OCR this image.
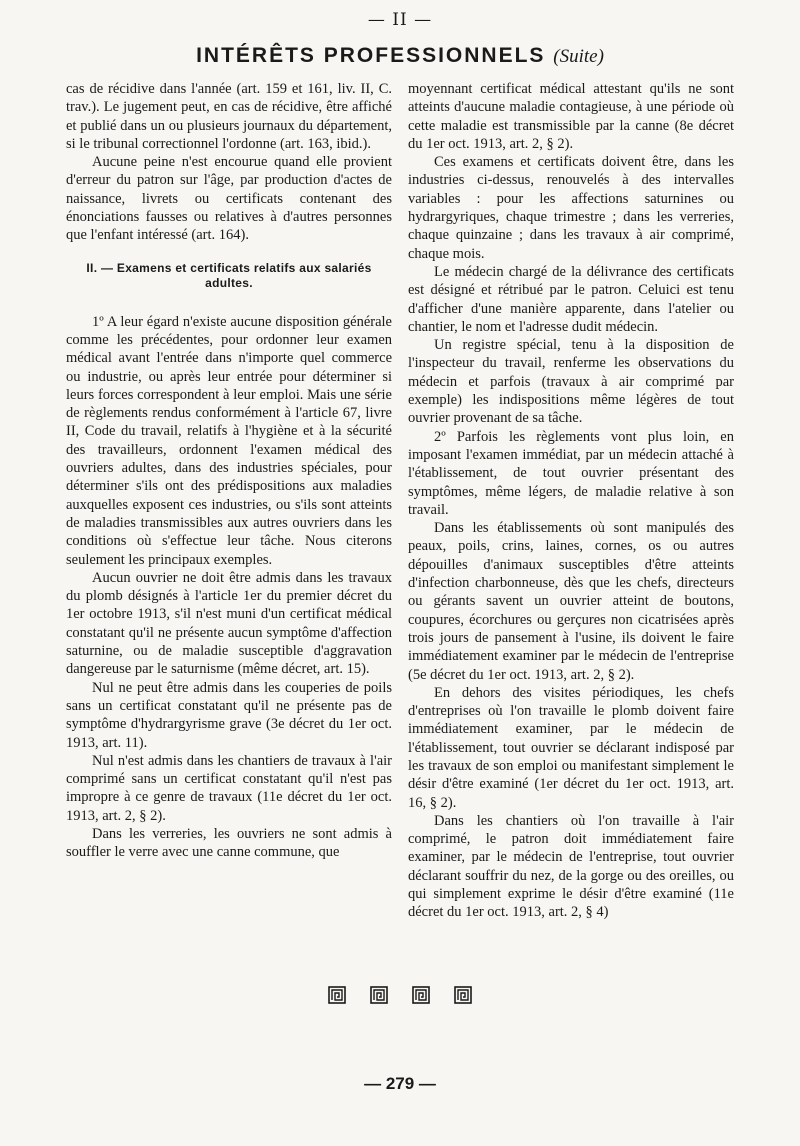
— II —
INTÉRÊTS PROFESSIONNELS (Suite)

cas de récidive dans l'année (art. 159 et 161, liv. II, C. trav.). Le jugement peut, en cas de récidive, être affiché et publié dans un ou plusieurs journaux du département, si le tribunal correctionnel l'ordonne (art. 163, ibid.).

Aucune peine n'est encourue quand elle provient d'erreur du patron sur l'âge, par production d'actes de naissance, livrets ou certificats contenant des énonciations fausses ou relatives à d'autres personnes que l'enfant intéressé (art. 164).

II. — Examens et certificats relatifs aux salariés adultes.

1º A leur égard n'existe aucune disposition générale comme les précédentes, pour ordonner leur examen médical avant l'entrée dans n'importe quel commerce ou industrie, ou après leur entrée pour déterminer si leurs forces correspondent à leur emploi. Mais une série de règlements rendus conformément à l'article 67, livre II, Code du travail, relatifs à l'hygiène et à la sécurité des travailleurs, ordonnent l'examen médical des ouvriers adultes, dans des industries spéciales, pour déterminer s'ils ont des prédispositions aux maladies auxquelles exposent ces industries, ou s'ils sont atteints de maladies transmissibles aux autres ouvriers dans les conditions où s'effectue leur tâche. Nous citerons seulement les principaux exemples.

Aucun ouvrier ne doit être admis dans les travaux du plomb désignés à l'article 1er du premier décret du 1er octobre 1913, s'il n'est muni d'un certificat médical constatant qu'il ne présente aucun symptôme d'affection saturnine, ou de maladie susceptible d'aggravation dangereuse par le saturnisme (même décret, art. 15).

Nul ne peut être admis dans les couperies de poils sans un certificat constatant qu'il ne présente pas de symptôme d'hydrargyrisme grave (3e décret du 1er oct. 1913, art. 11).

Nul n'est admis dans les chantiers de travaux à l'air comprimé sans un certificat constatant qu'il n'est pas impropre à ce genre de travaux (11e décret du 1er oct. 1913, art. 2, § 2).

Dans les verreries, les ouvriers ne sont admis à souffler le verre avec une canne commune, que

moyennant certificat médical attestant qu'ils ne sont atteints d'aucune maladie contagieuse, à une période où cette maladie est transmissible par la canne (8e décret du 1er oct. 1913, art. 2, § 2).

Ces examens et certificats doivent être, dans les industries ci-dessus, renouvelés à des intervalles variables : pour les affections saturnines ou hydrargyriques, chaque trimestre ; dans les verreries, chaque quinzaine ; dans les travaux à air comprimé, chaque mois.

Le médecin chargé de la délivrance des certificats est désigné et rétribué par le patron. Celuici est tenu d'afficher d'une manière apparente, dans l'atelier ou chantier, le nom et l'adresse dudit médecin.

Un registre spécial, tenu à la disposition de l'inspecteur du travail, renferme les observations du médecin et parfois (travaux à air comprimé par exemple) les indispositions même légères de tout ouvrier provenant de sa tâche.

2º Parfois les règlements vont plus loin, en imposant l'examen immédiat, par un médecin attaché à l'établissement, de tout ouvrier présentant des symptômes, même légers, de maladie relative à son travail.

Dans les établissements où sont manipulés des peaux, poils, crins, laines, cornes, os ou autres dépouilles d'animaux susceptibles d'être atteints d'infection charbonneuse, dès que les chefs, directeurs ou gérants savent un ouvrier atteint de boutons, coupures, écorchures ou gerçures non cicatrisées après trois jours de pansement à l'usine, ils doivent le faire immédiatement examiner par le médecin de l'entreprise (5e décret du 1er oct. 1913, art. 2, § 2).

En dehors des visites périodiques, les chefs d'entreprises où l'on travaille le plomb doivent faire immédiatement examiner, par le médecin de l'établissement, tout ouvrier se déclarant indisposé par les travaux de son emploi ou manifestant simplement le désir d'être examiné (1er décret du 1er oct. 1913, art. 16, § 2).

Dans les chantiers où l'on travaille à l'air comprimé, le patron doit immédiatement faire examiner, par le médecin de l'entreprise, tout ouvrier déclarant souffrir du nez, de la gorge ou des oreilles, ou qui simplement exprime le désir d'être examiné (11e décret du 1er oct. 1913, art. 2, § 4)

— 279 —
